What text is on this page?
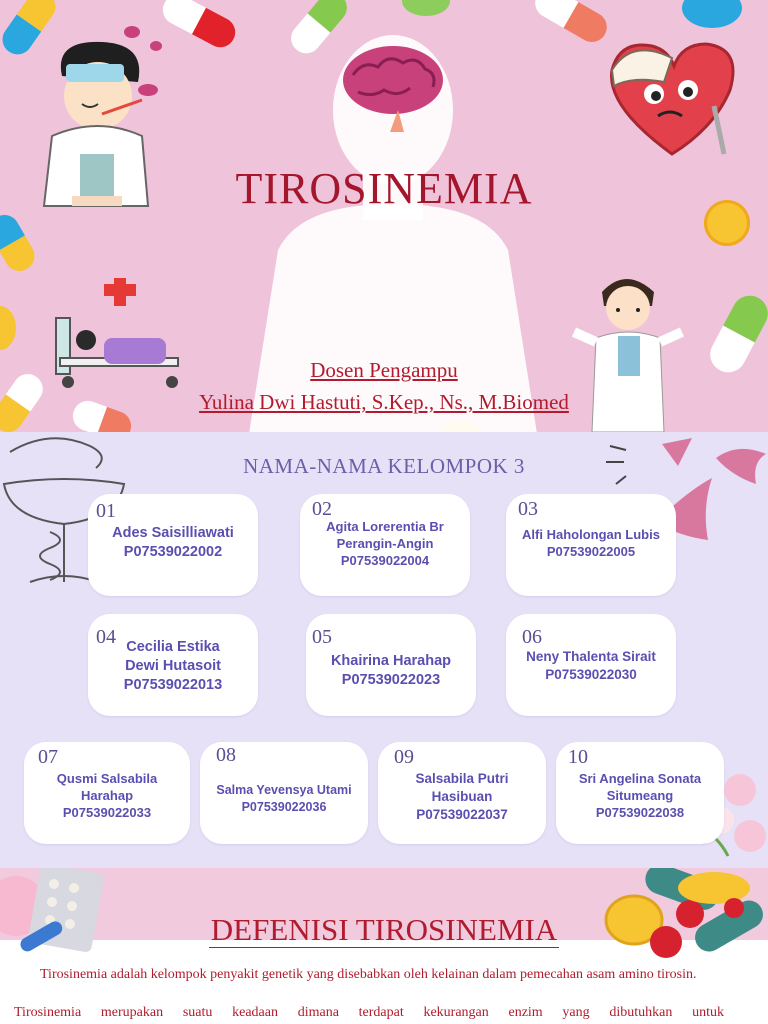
TIROSINEMIA
Dosen Pengampu
Yulina Dwi Hastuti, S.Kep., Ns., M.Biomed
NAMA-NAMA KELOMPOK 3
01
Ades Saisilliawati
P07539022002
02
Agita Lorerentia Br
Perangin-Angin
P07539022004
03
Alfi Haholongan Lubis
P07539022005
04 Cecilia Estika
Dewi Hutasoit
P07539022013
05
Khairina Harahap
P07539022023
06
Neny Thalenta Sirait
P07539022030
07
Qusmi Salsabila
Harahap
P07539022033
08
Salma Yevensya Utami
P07539022036
09
Salsabila Putri
Hasibuan
P07539022037
10
Sri Angelina Sonata
Situmeang
P07539022038
DEFENISI TIROSINEMIA
Tirosinemia adalah kelompok penyakit genetik yang disebabkan oleh kelainan dalam pemecahan asam amino tirosin.
Tirosinemia merupakan suatu keadaan dimana terdapat kekurangan enzim yang dibutuhkan untuk
